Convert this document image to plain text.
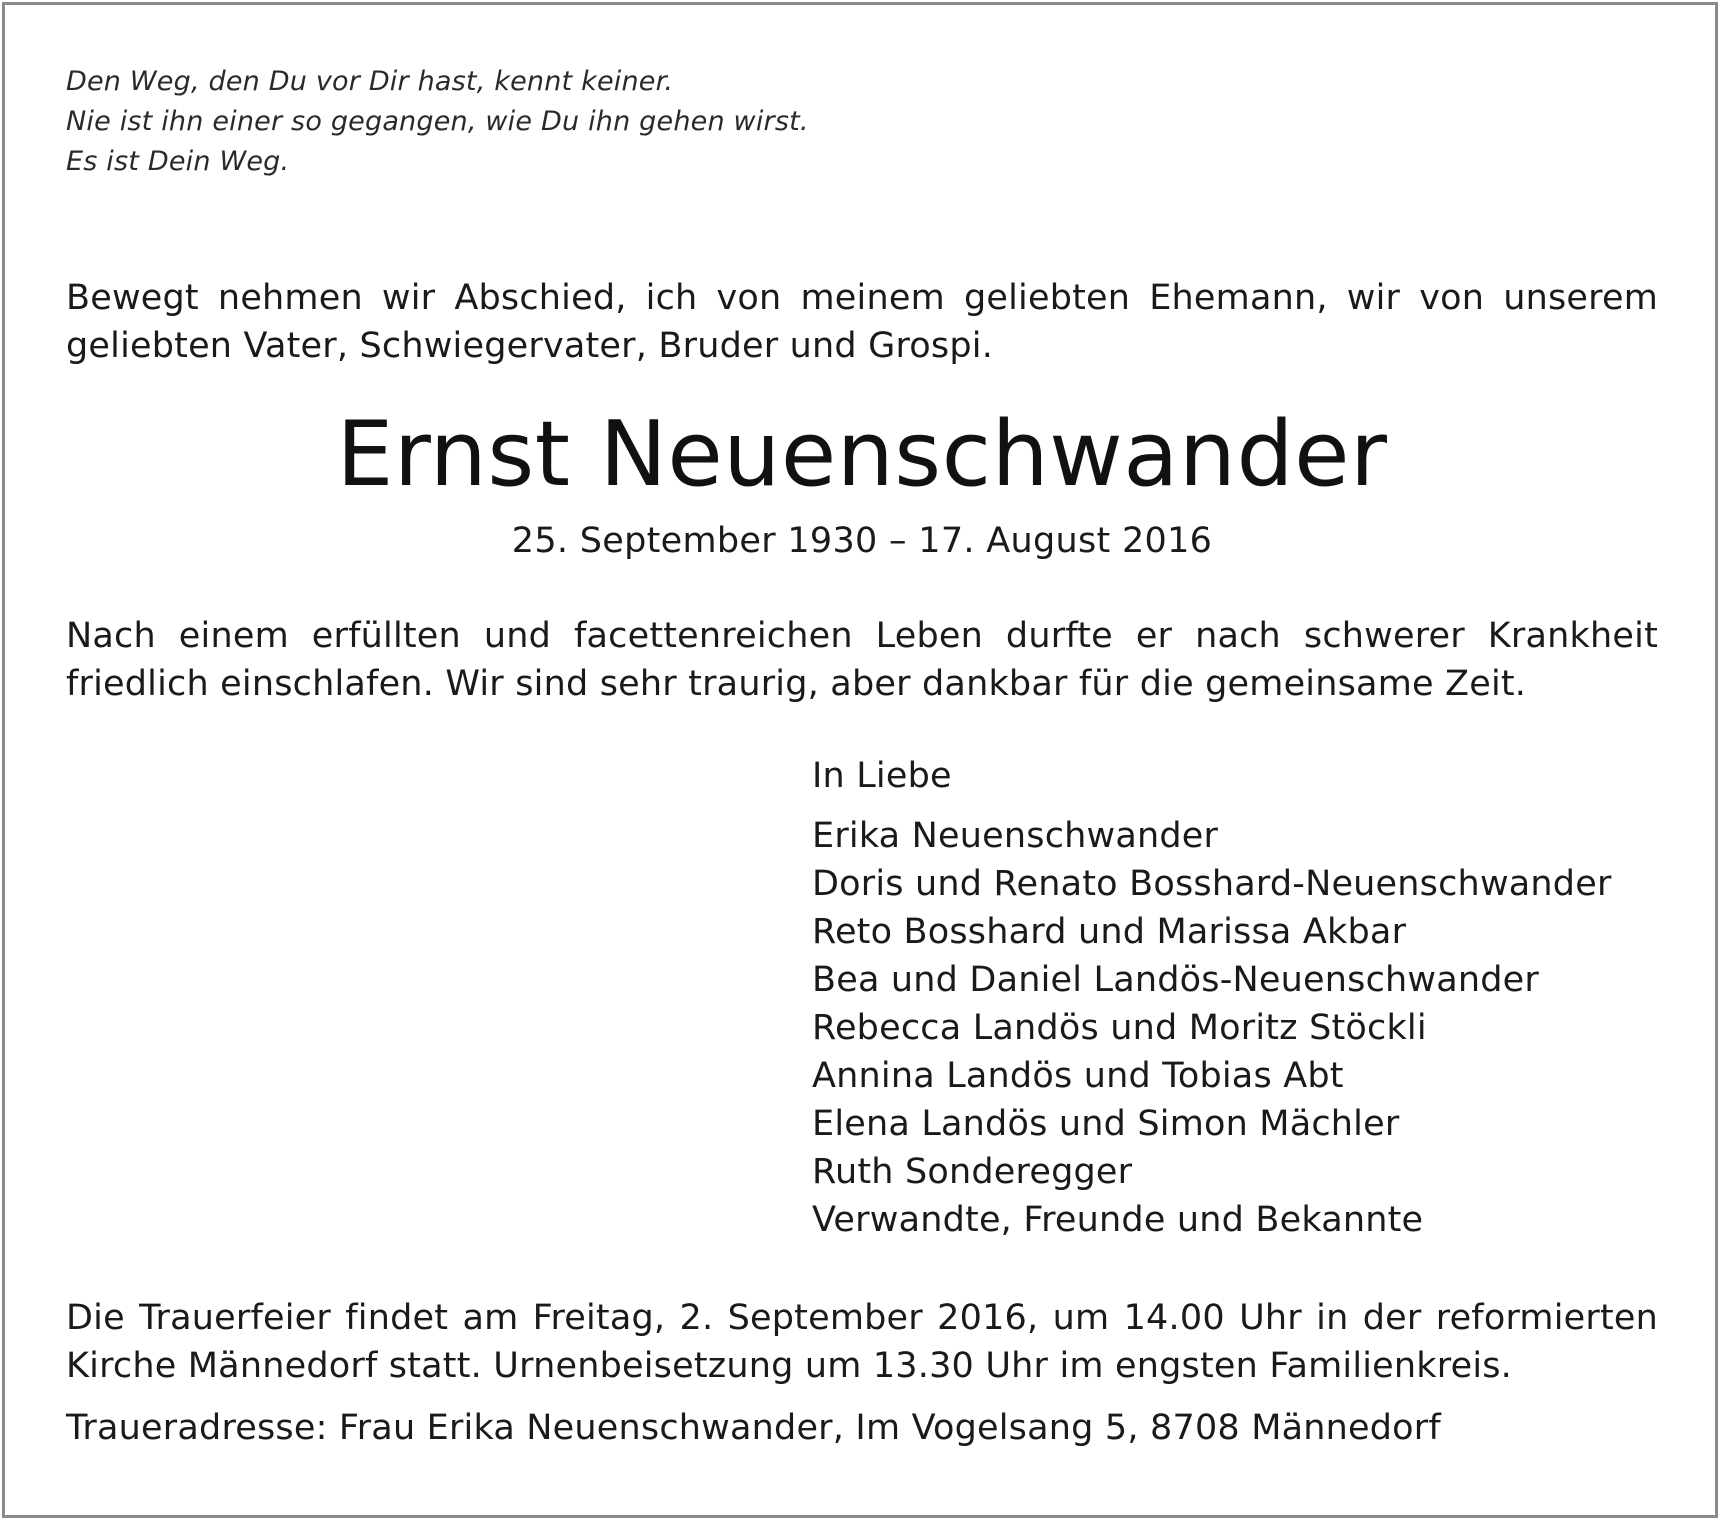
Den Weg, den Du vor Dir hast, kennt keiner.
Nie ist ihn einer so gegangen, wie Du ihn gehen wirst.
Es ist Dein Weg.
Bewegt nehmen wir Abschied, ich von meinem geliebten Ehemann, wir von unserem geliebten Vater, Schwiegervater, Bruder und Grospi.
Ernst Neuenschwander
25. September 1930 – 17. August 2016
Nach einem erfüllten und facettenreichen Leben durfte er nach schwerer Krankheit friedlich einschlafen. Wir sind sehr traurig, aber dankbar für die gemeinsame Zeit.
In Liebe
Erika Neuenschwander
Doris und Renato Bosshard-Neuenschwander
Reto Bosshard und Marissa Akbar
Bea und Daniel Landös-Neuenschwander
Rebecca Landös und Moritz Stöckli
Annina Landös und Tobias Abt
Elena Landös und Simon Mächler
Ruth Sonderegger
Verwandte, Freunde und Bekannte
Die Trauerfeier findet am Freitag, 2. September 2016, um 14.00 Uhr in der reformierten Kirche Männedorf statt. Urnenbeisetzung um 13.30 Uhr im engsten Familienkreis.
Traueradresse: Frau Erika Neuenschwander, Im Vogelsang 5, 8708 Männedorf
